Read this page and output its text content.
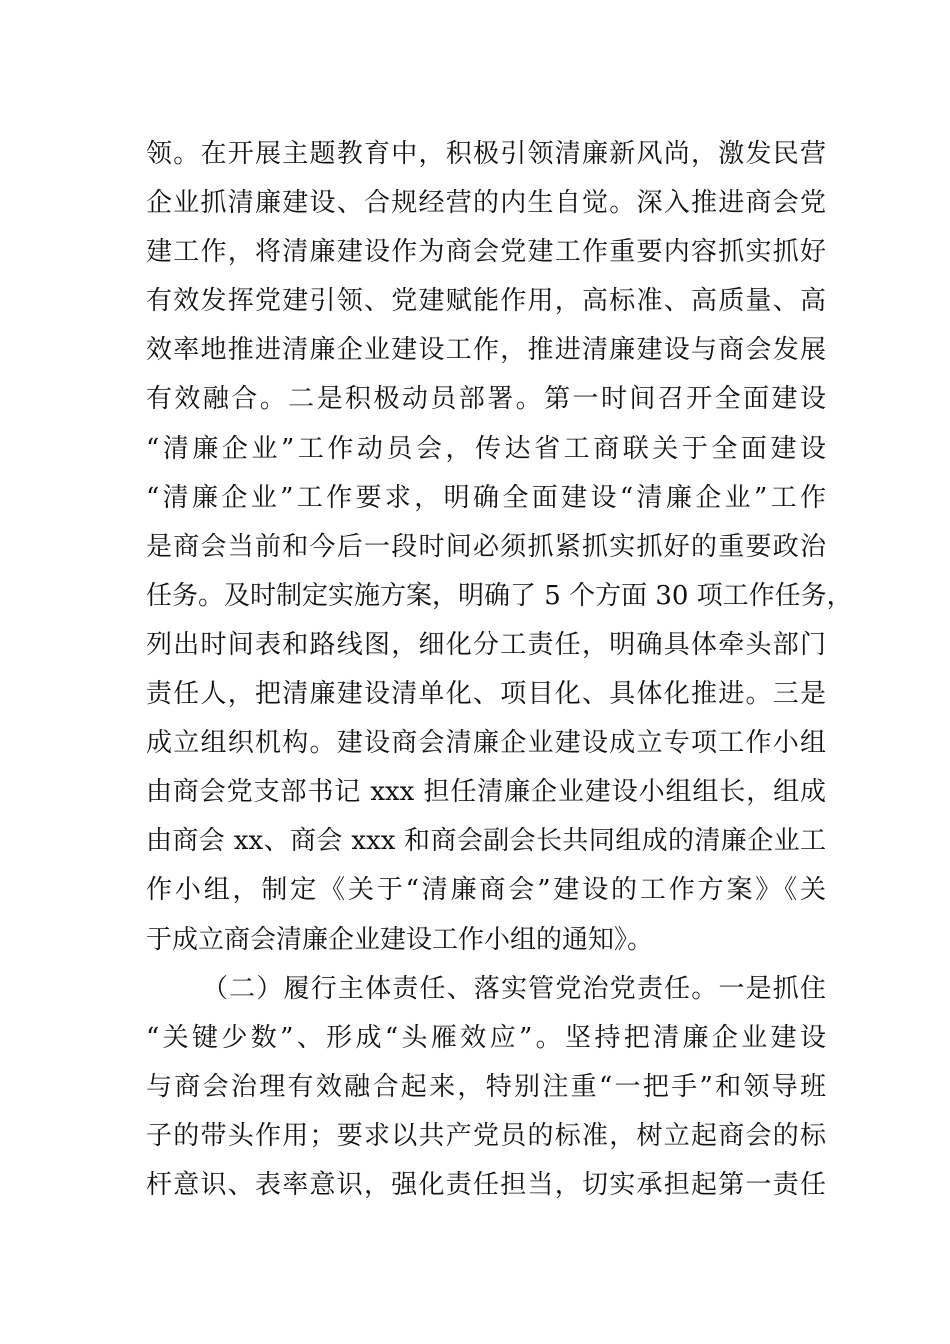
领。在开展主题教育中，积极引领清廉新风尚，激发民营
企业抓清廉建设、合规经营的内生自觉。深入推进商会党
建工作，将清廉建设作为商会党建工作重要内容抓实抓好
有效发挥党建引领、党建赋能作用，高标准、高质量、高
效率地推进清廉企业建设工作，推进清廉建设与商会发展
有效融合。二是积极动员部署。第一时间召开全面建设
“清廉企业”工作动员会，传达省工商联关于全面建设
“清廉企业”工作要求，明确全面建设“清廉企业”工作
是商会当前和今后一段时间必须抓紧抓实抓好的重要政治
任务。及时制定实施方案，明确了 5 个方面 30 项工作任务，
列出时间表和路线图，细化分工责任，明确具体牵头部门
责任人，把清廉建设清单化、项目化、具体化推进。三是
成立组织机构。建设商会清廉企业建设成立专项工作小组
由商会党支部书记 xxx 担任清廉企业建设小组组长，组成
由商会 xx、商会 xxx 和商会副会长共同组成的清廉企业工
作小组，制定《关于“清廉商会”建设的工作方案》《关
于成立商会清廉企业建设工作小组的通知》。
（二）履行主体责任、落实管党治党责任。一是抓住
“关键少数”、形成“头雁效应”。坚持把清廉企业建设
与商会治理有效融合起来，特别注重“一把手”和领导班
子的带头作用；要求以共产党员的标准，树立起商会的标
杆意识、表率意识，强化责任担当，切实承担起第一责任
